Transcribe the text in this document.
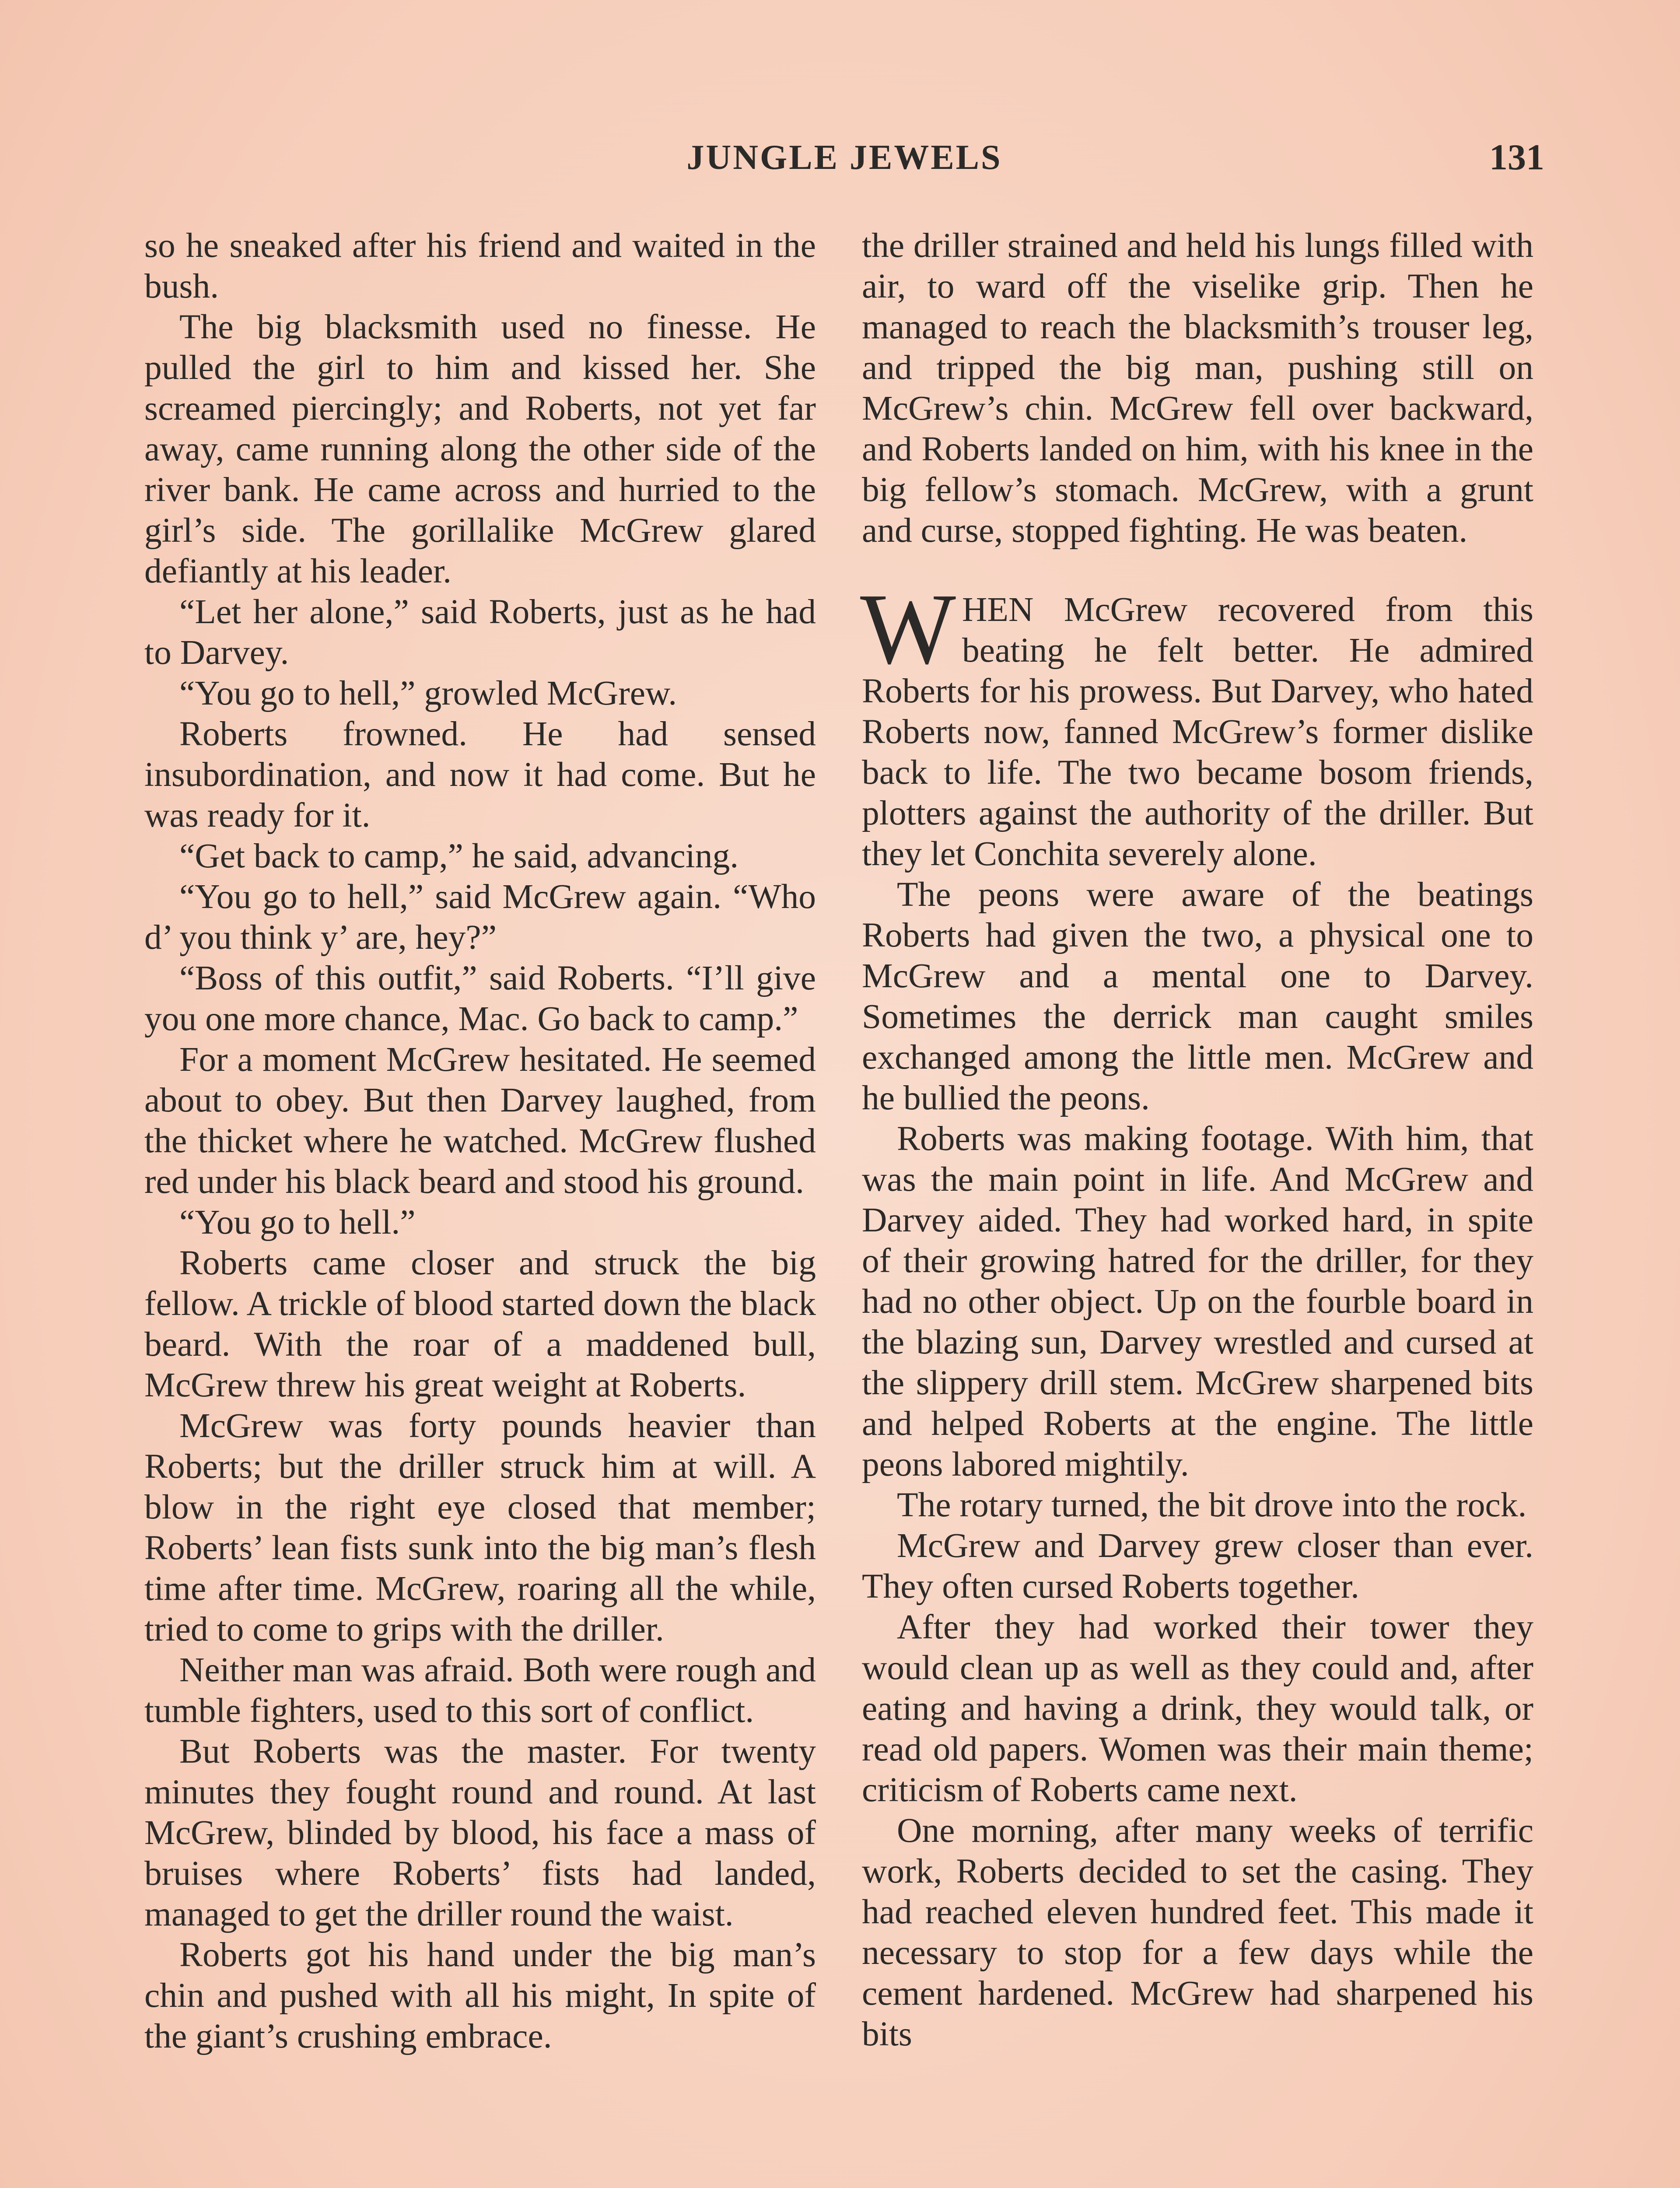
JUNGLE JEWELS	131

so he sneaked after his friend and waited in the bush.

The big blacksmith used no finesse. He pulled the girl to him and kissed her. She screamed piercingly; and Roberts, not yet far away, came running along the other side of the river bank. He came across and hurried to the girl’s side. The gorillalike McGrew glared defiantly at his leader.

“Let her alone,” said Roberts, just as he had to Darvey.

“You go to hell,” growled McGrew.

Roberts frowned. He had sensed insubordination, and now it had come. But he was ready for it.

“Get back to camp,” he said, advancing.

“You go to hell,” said McGrew again. “Who d’ you think y’ are, hey?”

“Boss of this outfit,” said Roberts. “I’ll give you one more chance, Mac. Go back to camp.”

For a moment McGrew hesitated. He seemed about to obey. But then Darvey laughed, from the thicket where he watched. McGrew flushed red under his black beard and stood his ground.

“You go to hell.”

Roberts came closer and struck the big fellow. A trickle of blood started down the black beard. With the roar of a maddened bull, McGrew threw his great weight at Roberts.

McGrew was forty pounds heavier than Roberts; but the driller struck him at will. A blow in the right eye closed that member; Roberts’ lean fists sunk into the big man’s flesh time after time. McGrew, roaring all the while, tried to come to grips with the driller.

Neither man was afraid. Both were rough and tumble fighters, used to this sort of conflict.

But Roberts was the master. For twenty minutes they fought round and round. At last McGrew, blinded by blood, his face a mass of bruises where Roberts’ fists had landed, managed to get the driller round the waist.

Roberts got his hand under the big man’s chin and pushed with all his might, In spite of the giant’s crushing embrace.

the driller strained and held his lungs filled with air, to ward off the viselike grip. Then he managed to reach the blacksmith’s trouser leg, and tripped the big man, pushing still on McGrew’s chin. McGrew fell over backward, and Roberts landed on him, with his knee in the big fellow’s stomach. McGrew, with a grunt and curse, stopped fighting. He was beaten.

WHEN McGrew recovered from this beating he felt better. He admired Roberts for his prowess. But Darvey, who hated Roberts now, fanned McGrew’s former dislike back to life. The two became bosom friends, plotters against the authority of the driller. But they let Conchita severely alone.

The peons were aware of the beatings Roberts had given the two, a physical one to McGrew and a mental one to Darvey. Sometimes the derrick man caught smiles exchanged among the little men. McGrew and he bullied the peons.

Roberts was making footage. With him, that was the main point in life. And McGrew and Darvey aided. They had worked hard, in spite of their growing hatred for the driller, for they had no other object. Up on the fourble board in the blazing sun, Darvey wrestled and cursed at the slippery drill stem. McGrew sharpened bits and helped Roberts at the engine. The little peons labored mightily.

The rotary turned, the bit drove into the rock.

McGrew and Darvey grew closer than ever. They often cursed Roberts together.

After they had worked their tower they would clean up as well as they could and, after eating and having a drink, they would talk, or read old papers. Women was their main theme; criticism of Roberts came next.

One morning, after many weeks of terrific work, Roberts decided to set the casing. They had reached eleven hundred feet. This made it necessary to stop for a few days while the cement hardened. McGrew had sharpened his bits
